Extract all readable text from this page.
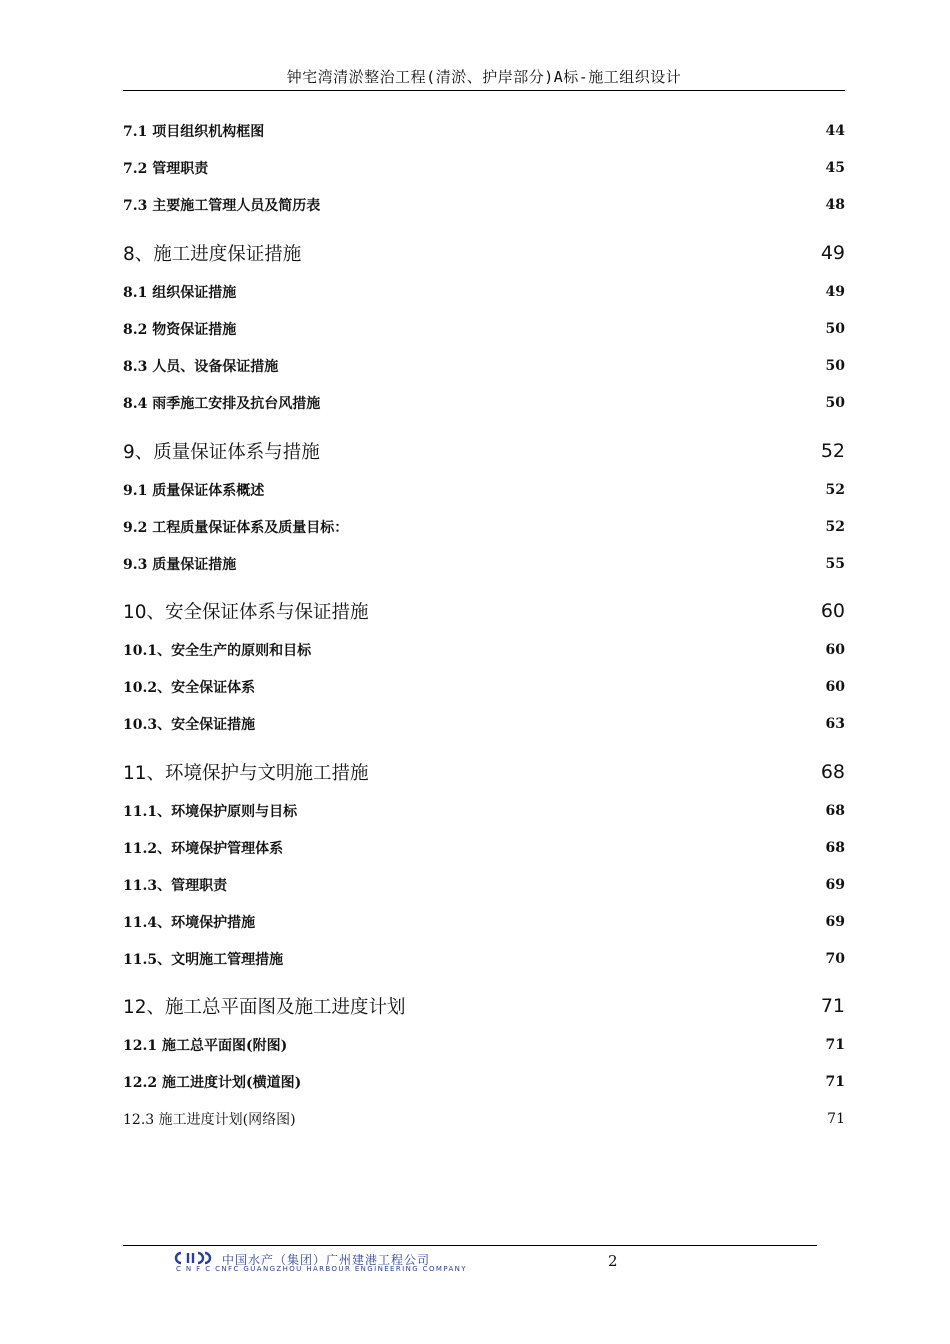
钟宅湾清淤整治工程(清淤、护岸部分)A标-施工组织设计
7.1 项目组织机构框图	44
7.2 管理职责	45
7.3 主要施工管理人员及简历表	48
8、施工进度保证措施	49
8.1 组织保证措施	49
8.2 物资保证措施	50
8.3 人员、设备保证措施	50
8.4 雨季施工安排及抗台风措施	50
9、质量保证体系与措施	52
9.1 质量保证体系概述	52
9.2 工程质量保证体系及质量目标：	52
9.3 质量保证措施	55
10、安全保证体系与保证措施	60
10.1、安全生产的原则和目标	60
10.2、安全保证体系	60
10.3、安全保证措施	63
11、环境保护与文明施工措施	68
11.1、环境保护原则与目标	68
11.2、环境保护管理体系	68
11.3、管理职责	69
11.4、环境保护措施	69
11.5、文明施工管理措施	70
12、施工总平面图及施工进度计划	71
12.1 施工总平面图(附图)	71
12.2 施工进度计划(横道图)	71
12.3 施工进度计划(网络图)	71
中国水产（集团）广州建港工程公司
C N F C CNFC GUANGZHOU HARBOUR ENGINEERING COMPANY	2
